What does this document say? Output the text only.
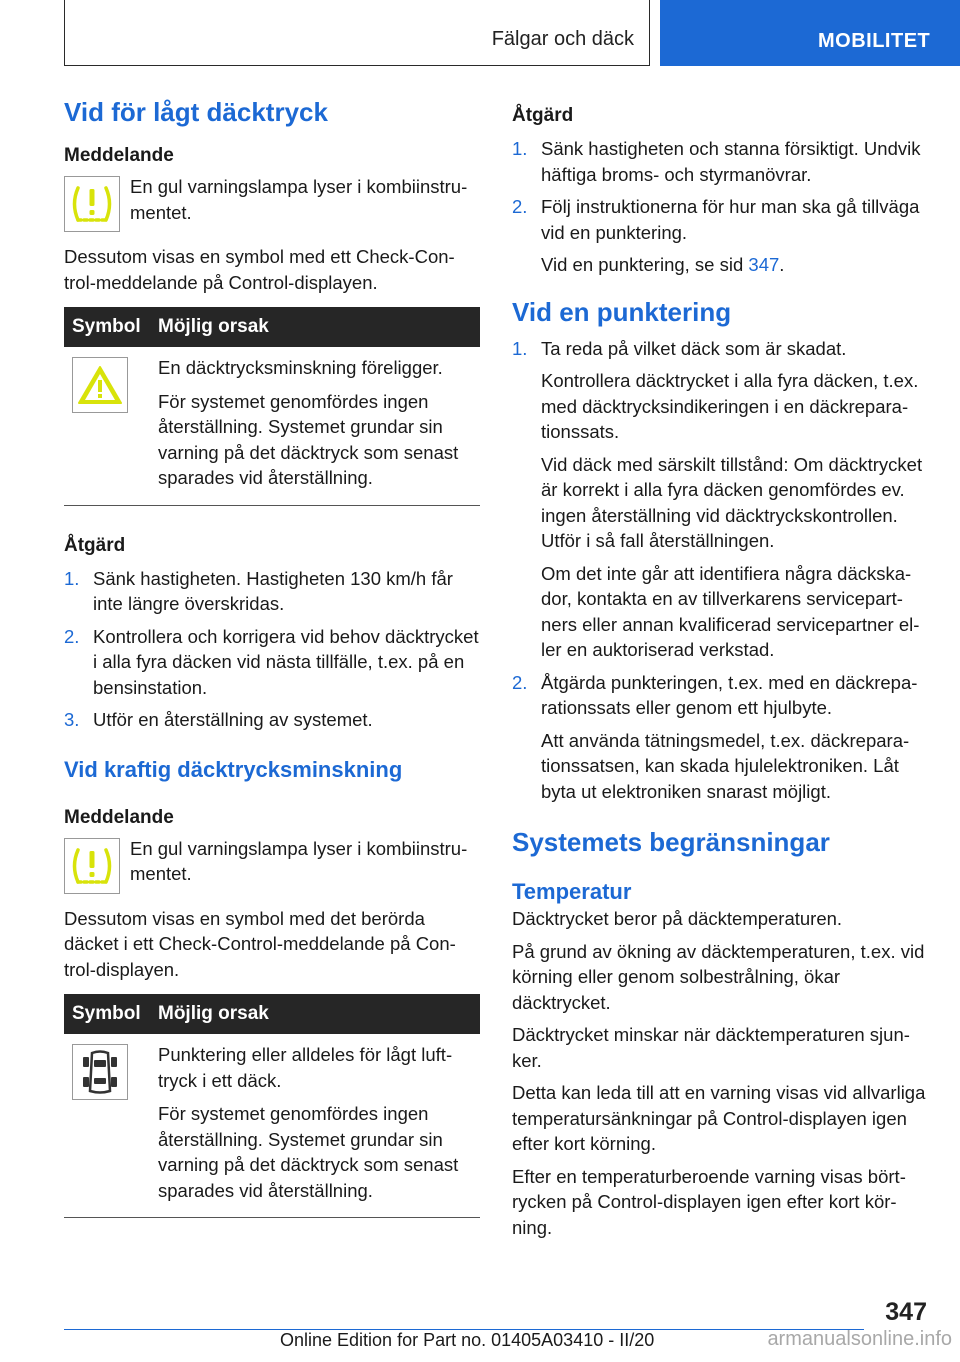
Fälgar och däck	MOBILITET
Vid för lågt däcktryck
Meddelande

En gul varningslampa lyser i kombiinstrumentet.

Dessutom visas en symbol med ett Check-Control-meddelande på Control-displayen.

Symbol	Möjlig orsak

En däcktrycksminskning föreligger.

För systemet genomfördes ingen återställning. Systemet grundar sin varning på det däcktryck som senast sparades vid återställning.

Åtgärd
1. Sänk hastigheten. Hastigheten 130 km/h får inte längre överskridas.
2. Kontrollera och korrigera vid behov däcktrycket i alla fyra däcken vid nästa tillfälle, t.ex. på en bensinstation.
3. Utför en återställning av systemet.
Vid kraftig däcktrycksminskning
Meddelande

En gul varningslampa lyser i kombiinstrumentet.

Dessutom visas en symbol med det berörda däcket i ett Check-Control-meddelande på Control-displayen.

Symbol	Möjlig orsak

Punktering eller alldeles för lågt lufttryck i ett däck.

För systemet genomfördes ingen återställning. Systemet grundar sin varning på det däcktryck som senast sparades vid återställning.

Åtgärd
1. Sänk hastigheten och stanna försiktigt. Undvik häftiga broms- och styrmanövrar.
2. Följ instruktionerna för hur man ska gå tillväga vid en punktering.

Vid en punktering, se sid 347.

Vid en punktering
1. Ta reda på vilket däck som är skadat.

Kontrollera däcktrycket i alla fyra däcken, t.ex. med däcktrycksindikeringen i en däckreparationssats.

Vid däck med särskilt tillstånd: Om däcktrycket är korrekt i alla fyra däcken genomfördes ev. ingen återställning vid däcktryckskontrollen. Utför i så fall återställningen.

Om det inte går att identifiera några däckskador, kontakta en av tillverkarens servicepartners eller annan kvalificerad servicepartner eller en auktoriserad verkstad.

2. Åtgärda punkteringen, t.ex. med en däckreparationssats eller genom ett hjulbyte.

Att använda tätningsmedel, t.ex. däckreparationssatsen, kan skada hjulelektroniken. Låt byta ut elektroniken snarast möjligt.

Systemets begränsningar
Temperatur

Däcktrycket beror på däcktemperaturen.

På grund av ökning av däcktemperaturen, t.ex. vid körning eller genom solbestrålning, ökar däcktrycket.

Däcktrycket minskar när däcktemperaturen sjunker.

Detta kan leda till att en varning visas vid allvarliga temperatursänkningar på Control-displayen igen efter kort körning.

Efter en temperaturberoende varning visas börtrycken på Control-displayen igen efter kort körning.

347
Online Edition for Part no. 01405A03410 - II/20	armanualsonline.info
